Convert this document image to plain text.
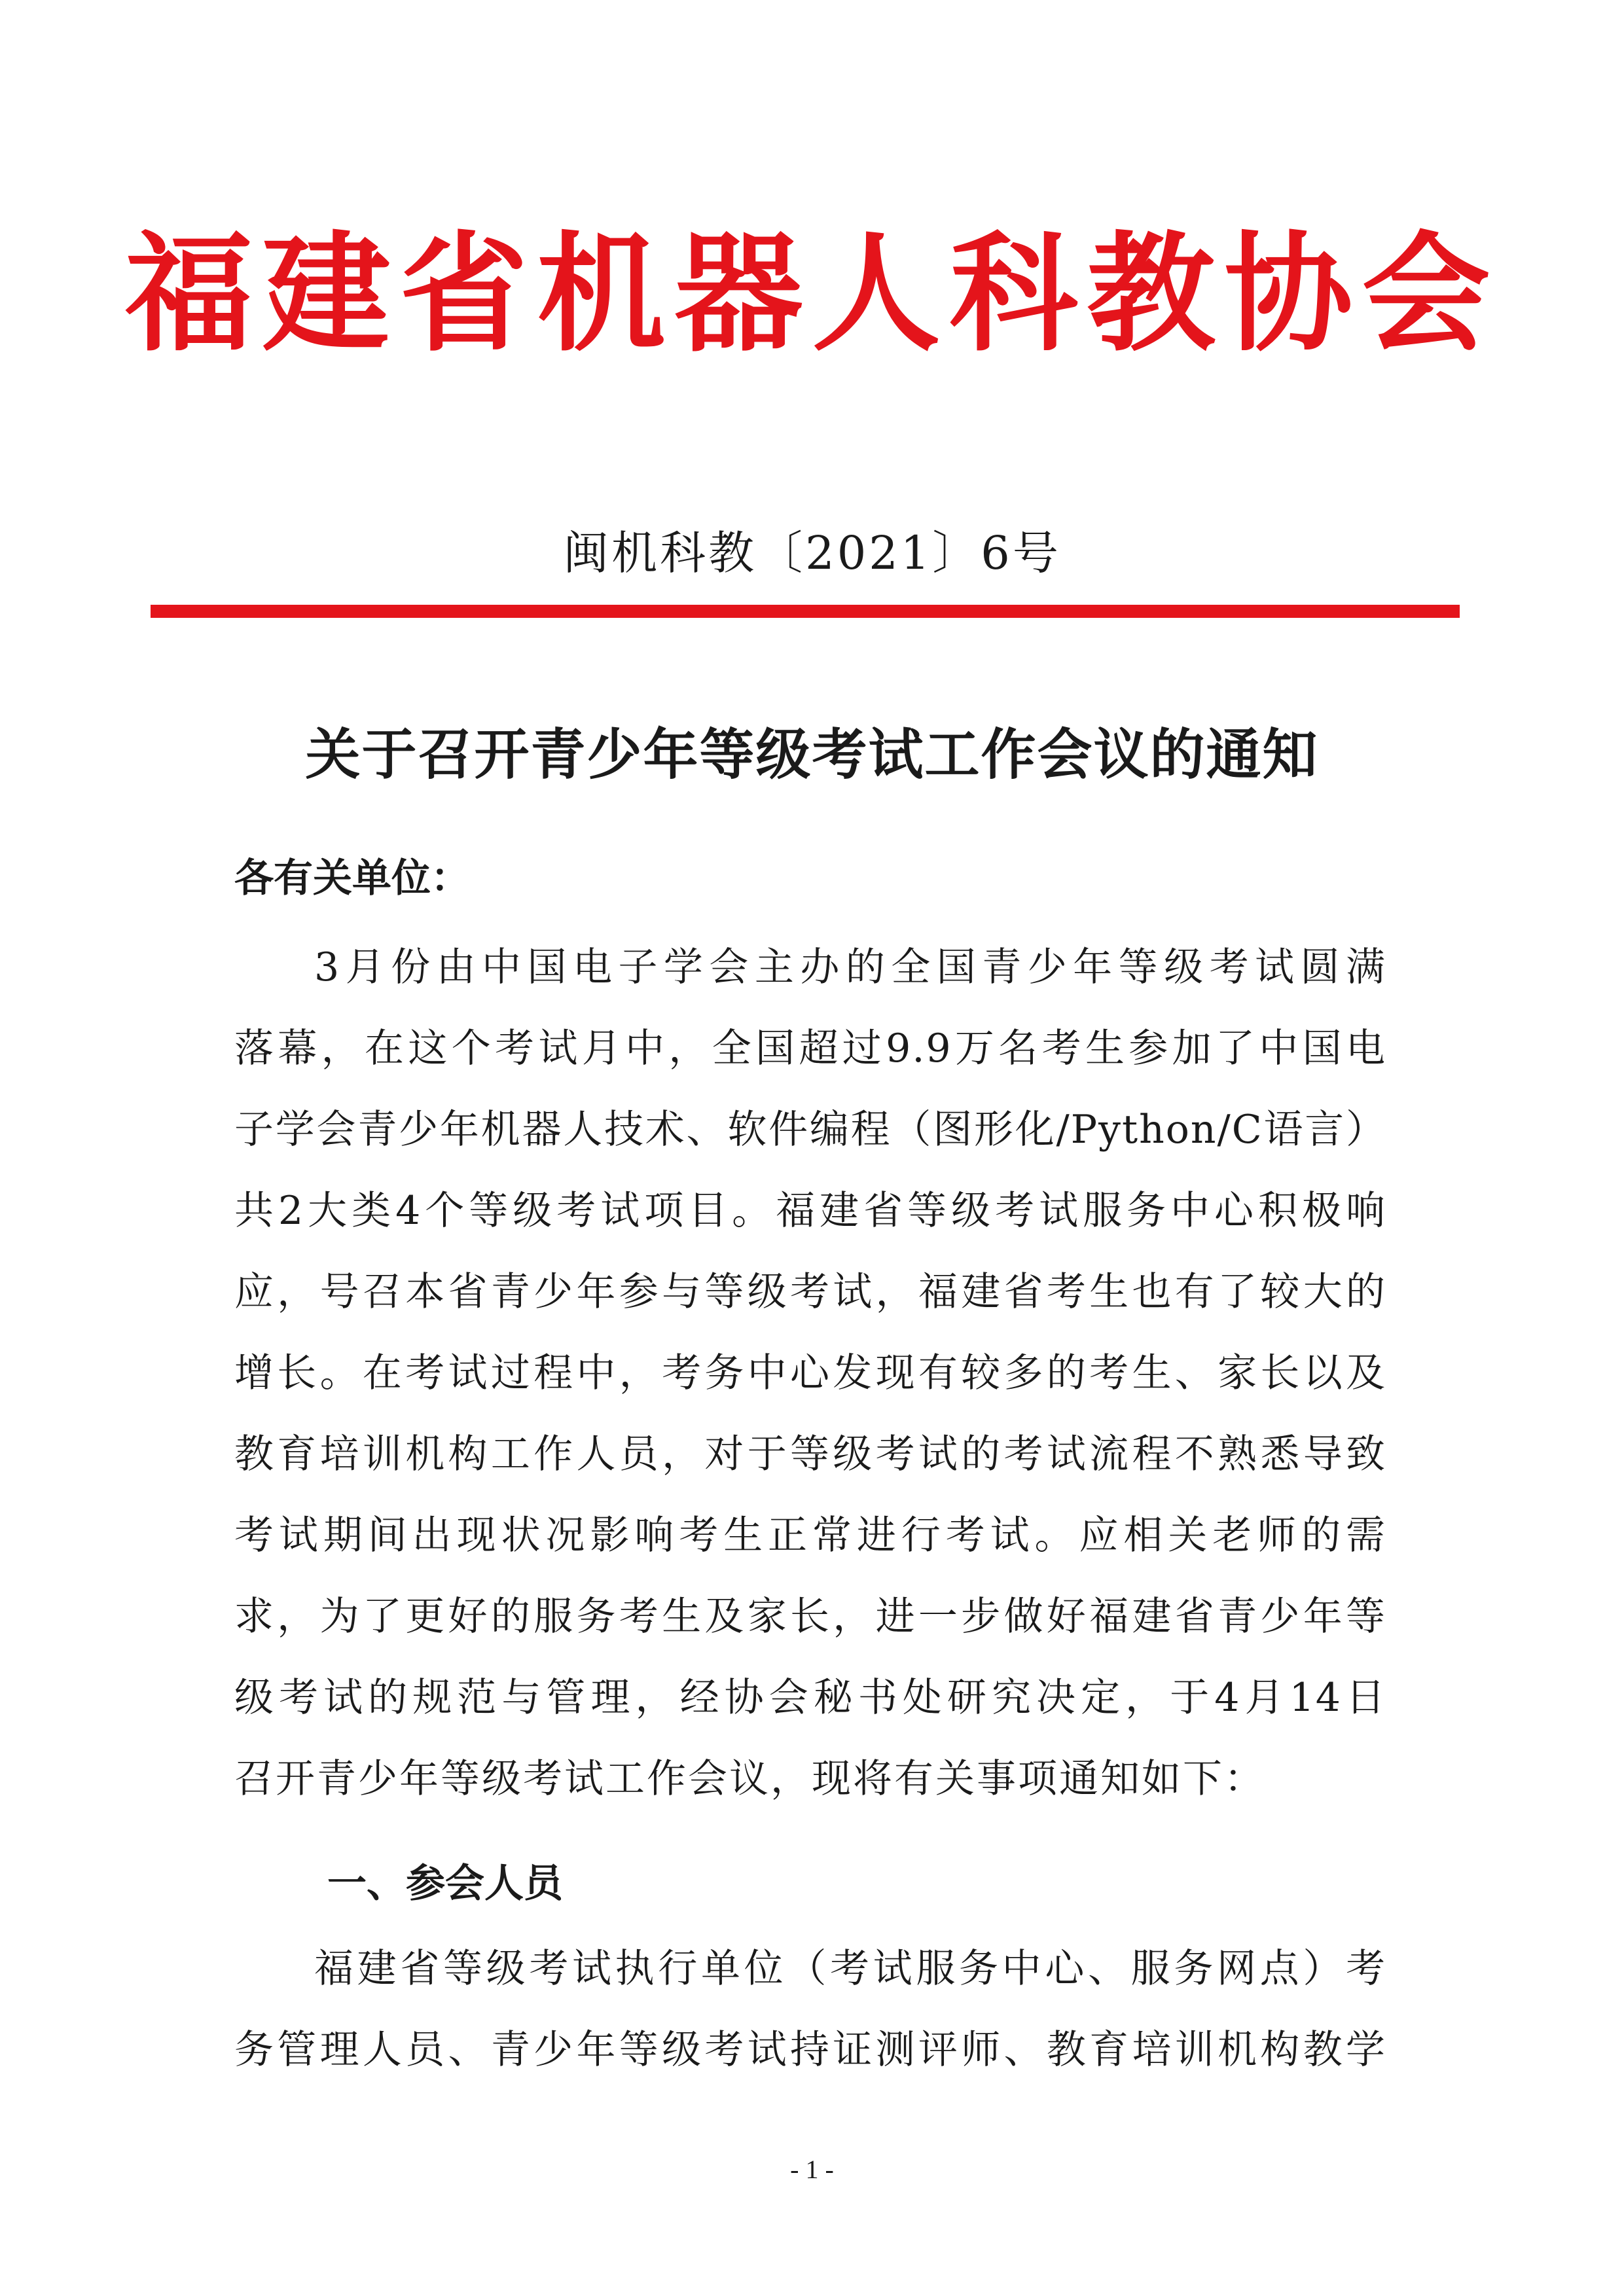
福建省机器人科教协会
闽机科教〔2021〕6号
关于召开青少年等级考试工作会议的通知
各有关单位：
3月份由中国电子学会主办的全国青少年等级考试圆满
落幕，在这个考试月中，全国超过9.9万名考生参加了中国电
子学会青少年机器人技术、软件编程（图形化/Python/C语言）
共2大类4个等级考试项目。福建省等级考试服务中心积极响
应，号召本省青少年参与等级考试，福建省考生也有了较大的
增长。在考试过程中，考务中心发现有较多的考生、家长以及
教育培训机构工作人员，对于等级考试的考试流程不熟悉导致
考试期间出现状况影响考生正常进行考试。应相关老师的需
求，为了更好的服务考生及家长，进一步做好福建省青少年等
级考试的规范与管理，经协会秘书处研究决定，于4月14日
召开青少年等级考试工作会议，现将有关事项通知如下：
一、参会人员
福建省等级考试执行单位（考试服务中心、服务网点）考
务管理人员、青少年等级考试持证测评师、教育培训机构教学
- 1 -
